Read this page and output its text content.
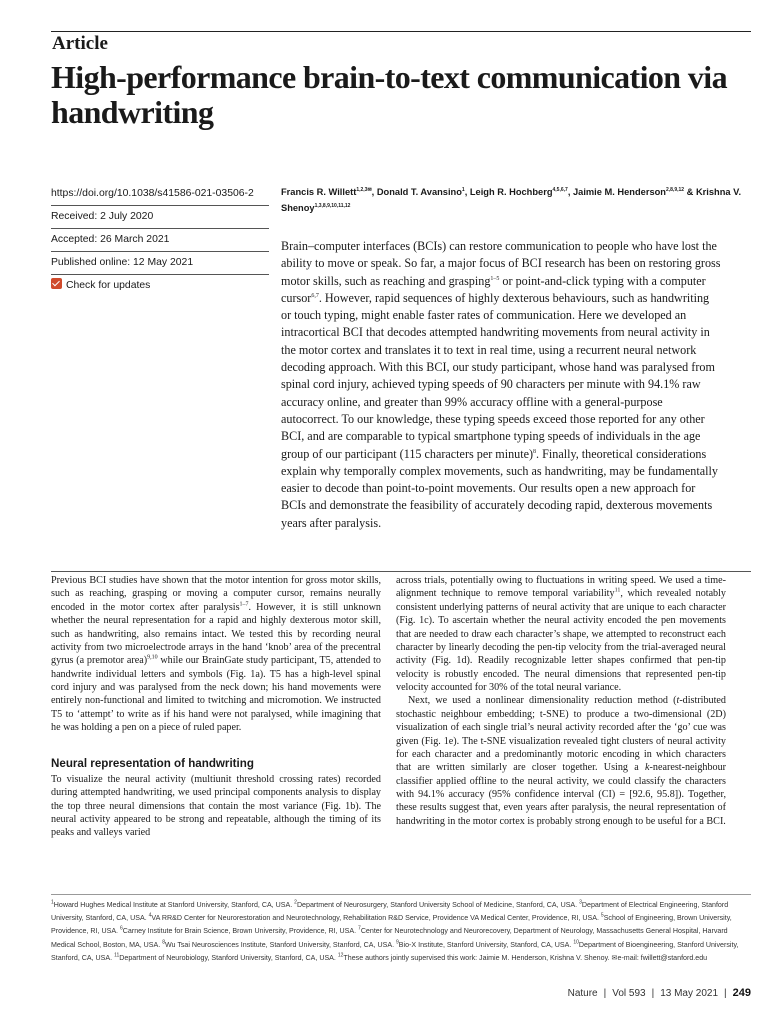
Article
High-performance brain-to-text communication via handwriting
https://doi.org/10.1038/s41586-021-03506-2
Received: 2 July 2020
Accepted: 26 March 2021
Published online: 12 May 2021
Check for updates
Francis R. Willett$^{1,2,3✉}$, Donald T. Avansino$^1$, Leigh R. Hochberg$^{4,5,6,7}$, Jaimie M. Henderson$^{2,8,9,12}$ & Krishna V. Shenoy$^{1,3,8,9,10,11,12}$

Brain–computer interfaces (BCIs) can restore communication to people who have lost the ability to move or speak. So far, a major focus of BCI research has been on restoring gross motor skills, such as reaching and grasping$^{1-5}$ or point-and-click typing with a computer cursor$^{6,7}$. However, rapid sequences of highly dexterous behaviours, such as handwriting or touch typing, might enable faster rates of communication. Here we developed an intracortical BCI that decodes attempted handwriting movements from neural activity in the motor cortex and translates it to text in real time, using a recurrent neural network decoding approach. With this BCI, our study participant, whose hand was paralysed from spinal cord injury, achieved typing speeds of 90 characters per minute with 94.1% raw accuracy online, and greater than 99% accuracy offline with a general-purpose autocorrect. To our knowledge, these typing speeds exceed those reported for any other BCI, and are comparable to typical smartphone typing speeds of individuals in the age group of our participant (115 characters per minute)$^8$. Finally, theoretical considerations explain why temporally complex movements, such as handwriting, may be fundamentally easier to decode than point-to-point movements. Our results open a new approach for BCIs and demonstrate the feasibility of accurately decoding rapid, dexterous movements years after paralysis.

Previous BCI studies have shown that the motor intention for gross motor skills, such as reaching, grasping or moving a computer cursor, remains neurally encoded in the motor cortex after paralysis$^{1-7}$. However, it is still unknown whether the neural representation for a rapid and highly dexterous motor skill, such as handwriting, also remains intact. We tested this by recording neural activity from two microelectrode arrays in the hand ‘knob’ area of the precentral gyrus (a premotor area)$^{9,10}$ while our BrainGate study participant, T5, attended to handwrite individual letters and symbols (Fig. 1a). T5 has a high-level spinal cord injury and was paralysed from the neck down; his hand movements were entirely non-functional and limited to twitching and micromotion. We instructed T5 to ‘attempt’ to write as if his hand were not paralysed, while imagining that he was holding a pen on a piece of ruled paper.

Neural representation of handwriting

To visualize the neural activity (multiunit threshold crossing rates) recorded during attempted handwriting, we used principal components analysis to display the top three neural dimensions that contain the most variance (Fig. 1b). The neural activity appeared to be strong and repeatable, although the timing of its peaks and valleys varied

across trials, potentially owing to fluctuations in writing speed. We used a time-alignment technique to remove temporal variability$^{11}$, which revealed notably consistent underlying patterns of neural activity that are unique to each character (Fig. 1c). To ascertain whether the neural activity encoded the pen movements that are needed to draw each character’s shape, we attempted to reconstruct each character by linearly decoding the pen-tip velocity from the trial-averaged neural activity (Fig. 1d). Readily recognizable letter shapes confirmed that pen-tip velocity is robustly encoded. The neural dimensions that represented pen-tip velocity accounted for 30% of the total neural variance.

Next, we used a nonlinear dimensionality reduction method (t-distributed stochastic neighbour embedding; t-SNE) to produce a two-dimensional (2D) visualization of each single trial’s neural activity recorded after the ‘go’ cue was given (Fig. 1e). The t-SNE visualization revealed tight clusters of neural activity for each character and a predominantly motoric encoding in which characters that are written similarly are closer together. Using a k-nearest-neighbour classifier applied offline to the neural activity, we could classify the characters with 94.1% accuracy (95% confidence interval (CI) = [92.6, 95.8]). Together, these results suggest that, even years after paralysis, the neural representation of handwriting in the motor cortex is probably strong enough to be useful for a BCI.

$^1$Howard Hughes Medical Institute at Stanford University, Stanford, CA, USA. $^2$Department of Neurosurgery, Stanford University School of Medicine, Stanford, CA, USA. $^3$Department of Electrical Engineering, Stanford University, Stanford, CA, USA. $^4$VA RR&D Center for Neurorestoration and Neurotechnology, Rehabilitation R&D Service, Providence VA Medical Center, Providence, RI, USA. $^5$School of Engineering, Brown University, Providence, RI, USA. $^6$Carney Institute for Brain Science, Brown University, Providence, RI, USA. $^7$Center for Neurotechnology and Neurorecovery, Department of Neurology, Massachusetts General Hospital, Harvard Medical School, Boston, MA, USA. $^8$Wu Tsai Neurosciences Institute, Stanford University, Stanford, CA, USA. $^9$Bio-X Institute, Stanford University, Stanford, CA, USA. $^{10}$Department of Bioengineering, Stanford University, Stanford, CA, USA. $^{11}$Department of Neurobiology, Stanford University, Stanford, CA, USA. $^{12}$These authors jointly supervised this work: Jaimie M. Henderson, Krishna V. Shenoy. ✉e-mail: fwillett@stanford.edu
Nature | Vol 593 | 13 May 2021 | 249
